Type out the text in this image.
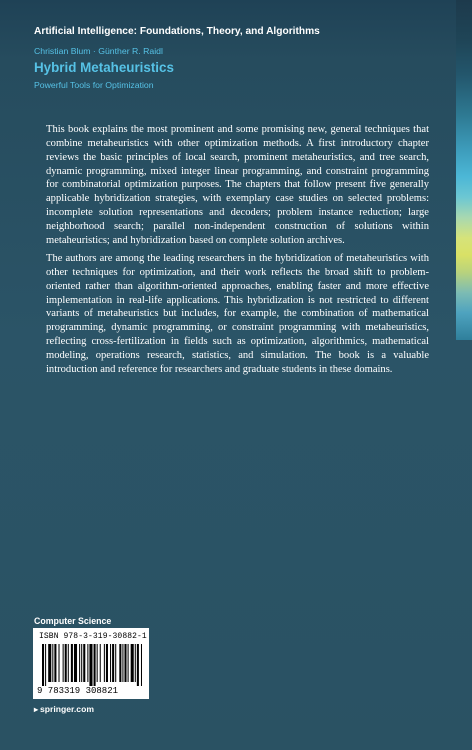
Artificial Intelligence: Foundations, Theory, and Algorithms
Christian Blum · Günther R. Raidl
Hybrid Metaheuristics
Powerful Tools for Optimization

This book explains the most prominent and some promising new, general techniques that combine metaheuristics with other optimization methods. A first introductory chapter reviews the basic principles of local search, prominent metaheuristics, and tree search, dynamic programming, mixed integer linear programming, and constraint programming for combinatorial optimization purposes. The chapters that follow present five generally applicable hybridization strategies, with exemplary case studies on selected problems: incomplete solution representations and decoders; problem instance reduction; large neighborhood search; parallel non-independent construction of solutions within metaheuristics; and hybridization based on complete solution archives.

The authors are among the leading researchers in the hybridization of metaheuristics with other techniques for optimization, and their work reflects the broad shift to problem-oriented rather than algorithm-oriented approaches, enabling faster and more effective implementation in real-life applications. This hybridization is not restricted to different variants of metaheuristics but includes, for example, the combination of mathematical programming, dynamic programming, or constraint programming with metaheuristics, reflecting cross-fertilization in fields such as optimization, algorithmics, mathematical modeling, operations research, statistics, and simulation. The book is a valuable introduction and reference for researchers and graduate students in these domains.

Computer Science
ISBN 978-3-319-30882-1
9 783319 308821
▸ springer.com
